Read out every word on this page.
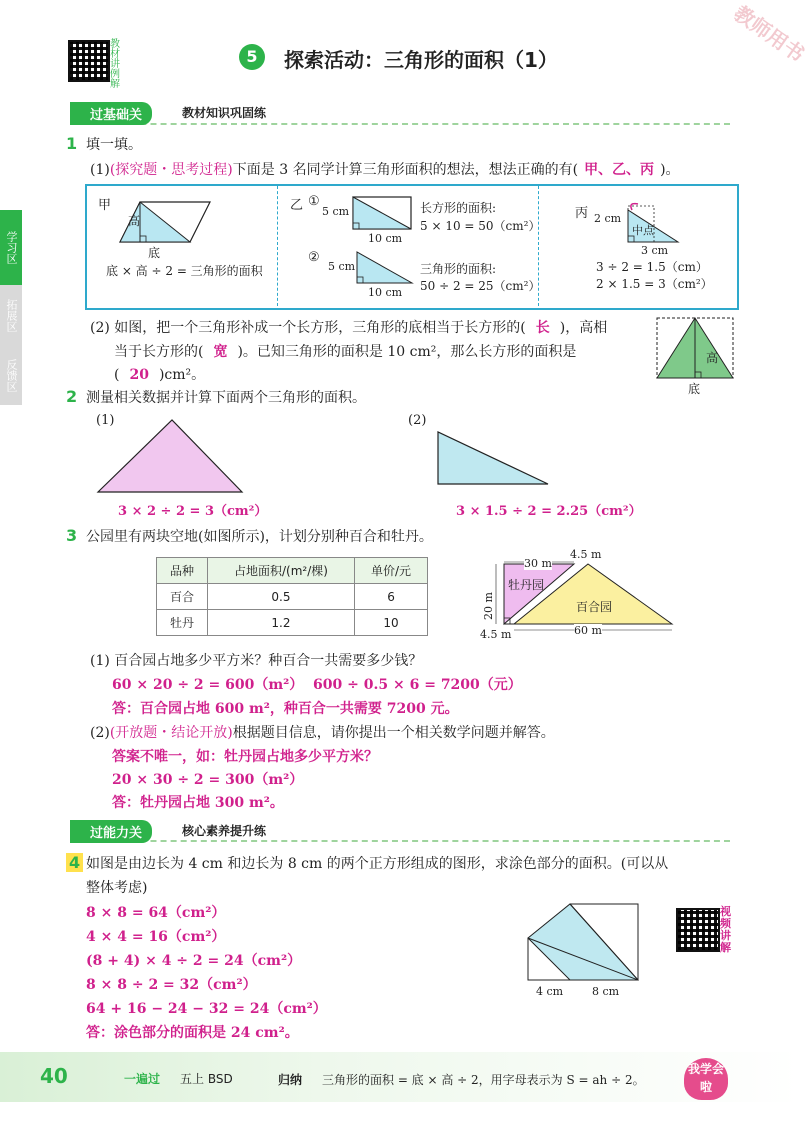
教师用书
教材讲例解
5	探索活动：三角形的面积（1）
学习区
拓展区
反馈区
过基础关	教材知识巩固练
1 填一填。
(1)(探究题・思考过程)下面是 3 名同学计算三角形面积的想法，想法正确的有( 甲、乙、丙 )。
甲
高
底
底 × 高 ÷ 2 = 三角形的面积
乙 ①
5 cm
10 cm
长方形的面积:
5 × 10 = 50（cm²）
②
5 cm
10 cm
三角形的面积:
50 ÷ 2 = 25（cm²）
丙 2 cm
中点
3 cm
3 ÷ 2 = 1.5（cm）
2 × 1.5 = 3（cm²）
(2) 如图，把一个三角形补成一个长方形，三角形的底相当于长方形的( 长 )，高相
当于长方形的( 宽 )。已知三角形的面积是 10 cm²，那么长方形的面积是
( 20 )cm²。
高
底
2 测量相关数据并计算下面两个三角形的面积。
(1)	(2)
3 × 2 ÷ 2 = 3（cm²）	3 × 1.5 ÷ 2 = 2.25（cm²）
3 公园里有两块空地(如图所示)，计划分别种百合和牡丹。
品种	占地面积/(m²/棵)	单价/元
百合	0.5	6
牡丹	1.2	10
30 m
4.5 m
20 m
4.5 m	60 m
牡丹园
百合园
(1) 百合园占地多少平方米？种百合一共需要多少钱？
60 × 20 ÷ 2 = 600（m²）  600 ÷ 0.5 × 6 = 7200（元）
答：百合园占地 600 m²，种百合一共需要 7200 元。
(2)(开放题・结论开放)根据题目信息，请你提出一个相关数学问题并解答。
答案不唯一，如：牡丹园占地多少平方米？
20 × 30 ÷ 2 = 300（m²）
答：牡丹园占地 300 m²。
过能力关	核心素养提升练
4 如图是由边长为 4 cm 和边长为 8 cm 的两个正方形组成的图形，求涂色部分的面积。(可以从
整体考虑)
8 × 8 = 64（cm²）
4 × 4 = 16（cm²）
(8 + 4) × 4 ÷ 2 = 24（cm²）
8 × 8 ÷ 2 = 32（cm²）
64 + 16 − 24 − 32 = 24（cm²）
答：涂色部分的面积是 24 cm²。
4 cm	8 cm
视频讲解
40	一遍过 五上 BSD	归纳 三角形的面积 = 底 × 高 ÷ 2，用字母表示为 S = ah ÷ 2。
我学会啦
